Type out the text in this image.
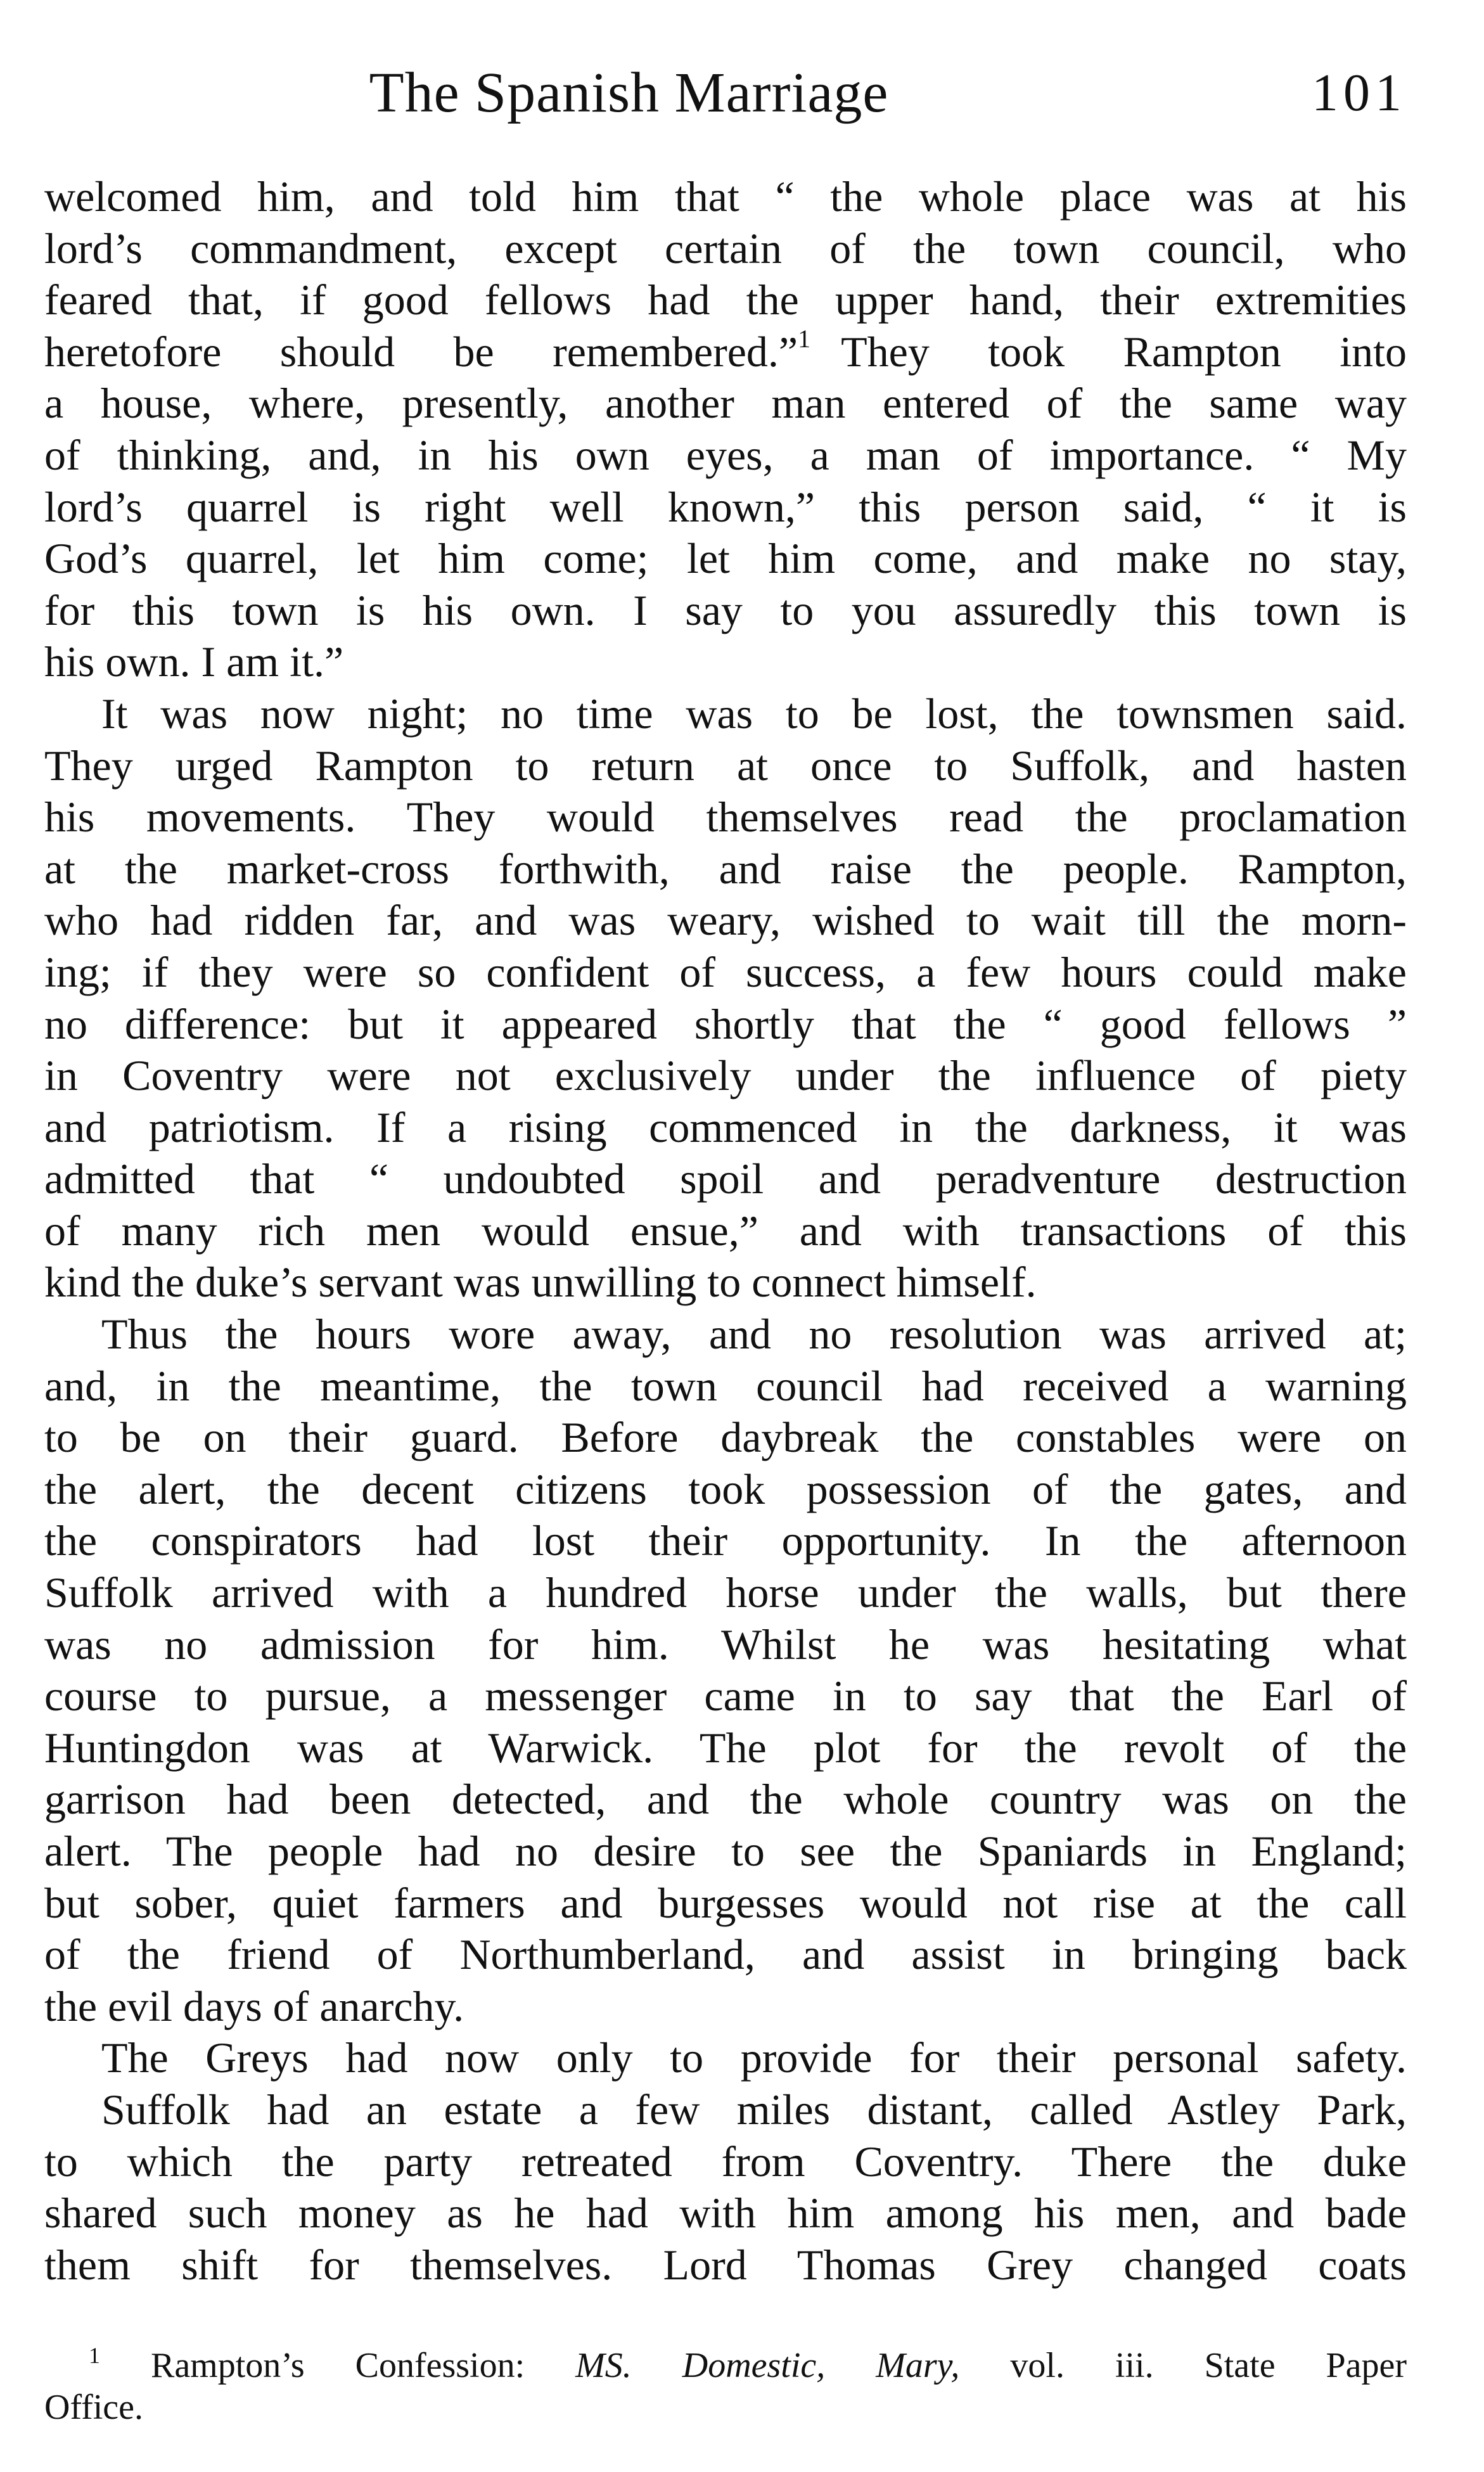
The Spanish Marriage	101
welcomed him, and told him that “ the whole place was at his
lord’s commandment, except certain of the town council, who
feared that, if good fellows had the upper hand, their extremities
heretofore should be remembered.”$^1$ They took Rampton into
a house, where, presently, another man entered of the same way
of thinking, and, in his own eyes, a man of importance. “ My
lord’s quarrel is right well known,” this person said, “ it is
God’s quarrel, let him come; let him come, and make no stay,
for this town is his own. I say to you assuredly this town is
his own. I am it.”
It was now night; no time was to be lost, the townsmen said.
They urged Rampton to return at once to Suffolk, and hasten
his movements. They would themselves read the proclamation
at the market-cross forthwith, and raise the people. Rampton,
who had ridden far, and was weary, wished to wait till the morn-
ing; if they were so confident of success, a few hours could make
no difference: but it appeared shortly that the “ good fellows ”
in Coventry were not exclusively under the influence of piety
and patriotism. If a rising commenced in the darkness, it was
admitted that “ undoubted spoil and peradventure destruction
of many rich men would ensue,” and with transactions of this
kind the duke’s servant was unwilling to connect himself.
Thus the hours wore away, and no resolution was arrived at;
and, in the meantime, the town council had received a warning
to be on their guard. Before daybreak the constables were on
the alert, the decent citizens took possession of the gates, and
the conspirators had lost their opportunity. In the afternoon
Suffolk arrived with a hundred horse under the walls, but there
was no admission for him. Whilst he was hesitating what
course to pursue, a messenger came in to say that the Earl of
Huntingdon was at Warwick. The plot for the revolt of the
garrison had been detected, and the whole country was on the
alert. The people had no desire to see the Spaniards in England;
but sober, quiet farmers and burgesses would not rise at the call
of the friend of Northumberland, and assist in bringing back
the evil days of anarchy.
The Greys had now only to provide for their personal safety.
Suffolk had an estate a few miles distant, called Astley Park,
to which the party retreated from Coventry. There the duke
shared such money as he had with him among his men, and bade
them shift for themselves. Lord Thomas Grey changed coats
$^1$ Rampton’s Confession: MS. Domestic, Mary, vol. iii. State Paper
Office.
